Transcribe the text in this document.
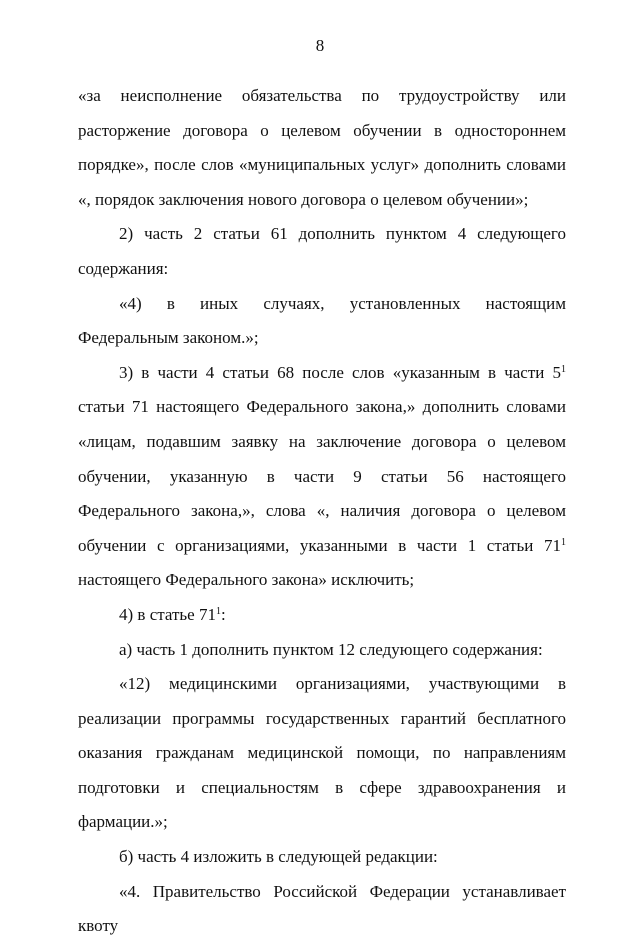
8

«за неисполнение обязательства по трудоустройству или расторжение договора о целевом обучении в одностороннем порядке», после слов «муниципальных услуг» дополнить словами «, порядок заключения нового договора о целевом обучении»;

2) часть 2 статьи 61 дополнить пунктом 4 следующего содержания:

«4) в иных случаях, установленных настоящим Федеральным законом.»;

3) в части 4 статьи 68 после слов «указанным в части $5^1$ статьи 71 настоящего Федерального закона,» дополнить словами «лицам, подавшим заявку на заключение договора о целевом обучении, указанную в части 9 статьи 56 настоящего Федерального закона,», слова «, наличия договора о целевом обучении с организациями, указанными в части 1 статьи $71^1$ настоящего Федерального закона» исключить;

4) в статье $71^1$:

а) часть 1 дополнить пунктом 12 следующего содержания:

«12) медицинскими организациями, участвующими в реализации программы государственных гарантий бесплатного оказания гражданам медицинской помощи, по направлениям подготовки и специальностям в сфере здравоохранения и фармации.»;

б) часть 4 изложить в следующей редакции:

«4. Правительство Российской Федерации устанавливает квоту
